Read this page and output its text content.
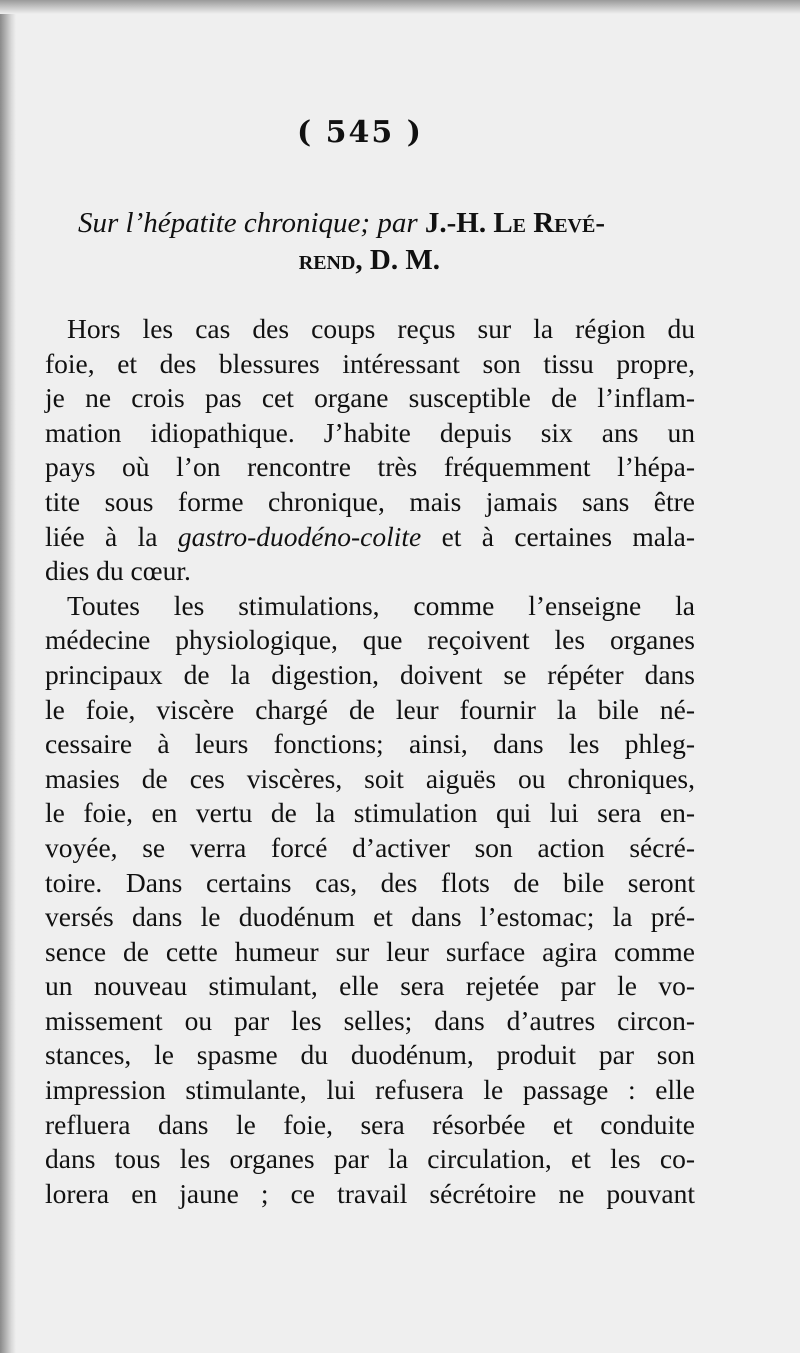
( 545 )
Sur l’hépatite chronique; par J.-H. Le Revé-
rend, D. M.
Hors les cas des coups reçus sur la région du
foie, et des blessures intéressant son tissu propre,
je ne crois pas cet organe susceptible de l’inflam-
mation idiopathique. J’habite depuis six ans un
pays où l’on rencontre très fréquemment l’hépa-
tite sous forme chronique, mais jamais sans être
liée à la gastro-duodéno-colite et à certaines mala-
dies du cœur.
Toutes les stimulations, comme l’enseigne la
médecine physiologique, que reçoivent les organes
principaux de la digestion, doivent se répéter dans
le foie, viscère chargé de leur fournir la bile né-
cessaire à leurs fonctions; ainsi, dans les phleg-
masies de ces viscères, soit aiguës ou chroniques,
le foie, en vertu de la stimulation qui lui sera en-
voyée, se verra forcé d’activer son action sécré-
toire. Dans certains cas, des flots de bile seront
versés dans le duodénum et dans l’estomac; la pré-
sence de cette humeur sur leur surface agira comme
un nouveau stimulant, elle sera rejetée par le vo-
missement ou par les selles; dans d’autres circon-
stances, le spasme du duodénum, produit par son
impression stimulante, lui refusera le passage : elle
refluera dans le foie, sera résorbée et conduite
dans tous les organes par la circulation, et les co-
lorera en jaune ; ce travail sécrétoire ne pouvant
